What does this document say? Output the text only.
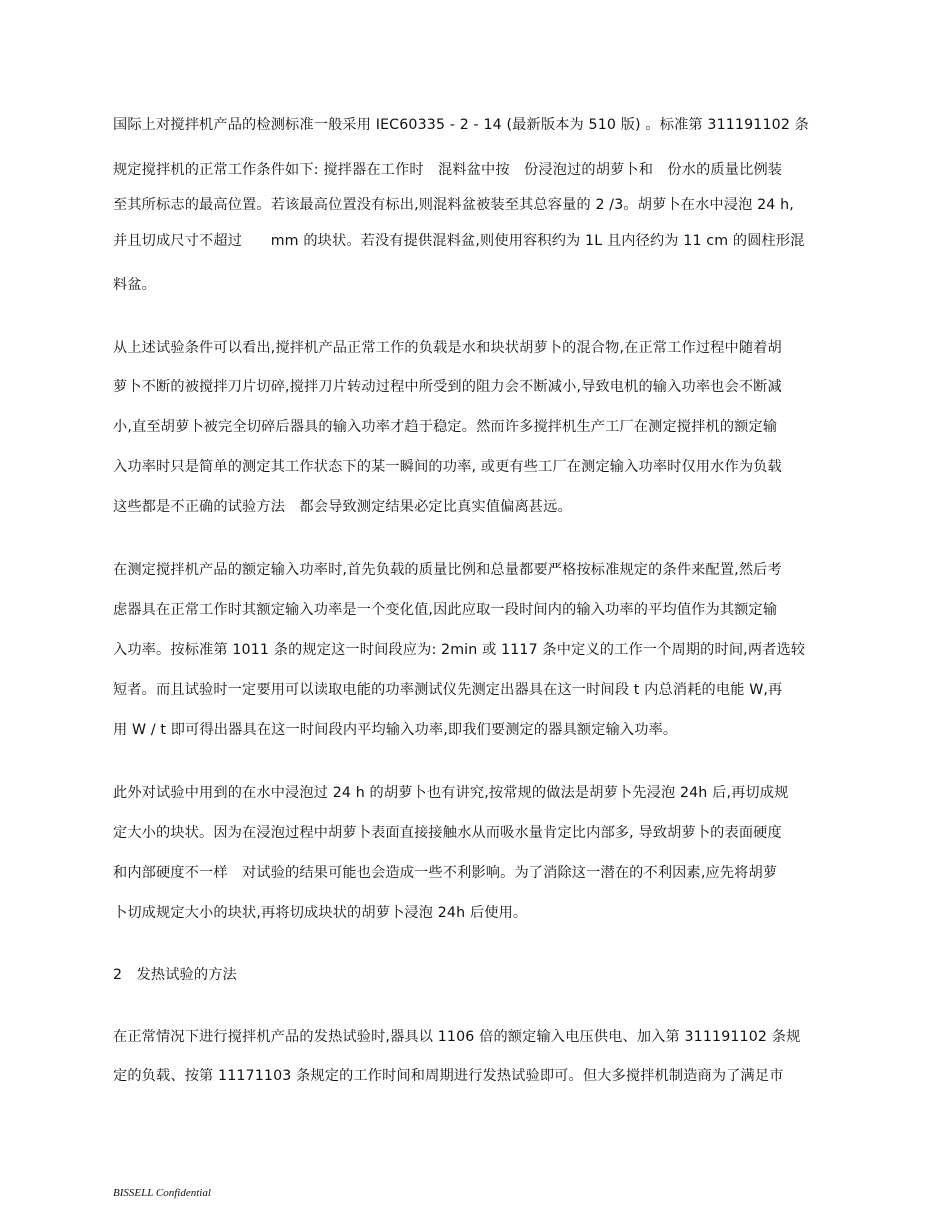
国际上对搅拌机产品的检测标准一般采用 IEC60335 - 2 - 14 (最新版本为 510 版) 。标准第 311191102 条
规定搅拌机的正常工作条件如下: 搅拌器在工作时　混料盆中按　份浸泡过的胡萝卜和　份水的质量比例装
至其所标志的最高位置。若该最高位置没有标出,则混料盆被装至其总容量的 2 /3。胡萝卜在水中浸泡 24 h,
并且切成尺寸不超过　　mm 的块状。若没有提供混料盆,则使用容积约为 1L 且内径约为 11 cm 的圆柱形混
料盆。
从上述试验条件可以看出,搅拌机产品正常工作的负载是水和块状胡萝卜的混合物,在正常工作过程中随着胡
萝卜不断的被搅拌刀片切碎,搅拌刀片转动过程中所受到的阻力会不断减小,导致电机的输入功率也会不断减
小,直至胡萝卜被完全切碎后器具的输入功率才趋于稳定。然而许多搅拌机生产工厂在测定搅拌机的额定输
入功率时只是简单的测定其工作状态下的某一瞬间的功率, 或更有些工厂在测定输入功率时仅用水作为负载
这些都是不正确的试验方法　都会导致测定结果必定比真实值偏离甚远。
在测定搅拌机产品的额定输入功率时,首先负载的质量比例和总量都要严格按标准规定的条件来配置,然后考
虑器具在正常工作时其额定输入功率是一个变化值,因此应取一段时间内的输入功率的平均值作为其额定输
入功率。按标准第 1011 条的规定这一时间段应为: 2min 或 1117 条中定义的工作一个周期的时间,两者选较
短者。而且试验时一定要用可以读取电能的功率测试仪先测定出器具在这一时间段 t 内总消耗的电能 W,再
用 W / t 即可得出器具在这一时间段内平均输入功率,即我们要测定的器具额定输入功率。
此外对试验中用到的在水中浸泡过 24 h 的胡萝卜也有讲究,按常规的做法是胡萝卜先浸泡 24h 后,再切成规
定大小的块状。因为在浸泡过程中胡萝卜表面直接接触水从而吸水量肯定比内部多, 导致胡萝卜的表面硬度
和内部硬度不一样　对试验的结果可能也会造成一些不利影响。为了消除这一潜在的不利因素,应先将胡萝
卜切成规定大小的块状,再将切成块状的胡萝卜浸泡 24h 后使用。
2　发热试验的方法
在正常情况下进行搅拌机产品的发热试验时,器具以 1106 倍的额定输入电压供电、加入第 311191102 条规
定的负载、按第 11171103 条规定的工作时间和周期进行发热试验即可。但大多搅拌机制造商为了满足市
BISSELL Confidential
